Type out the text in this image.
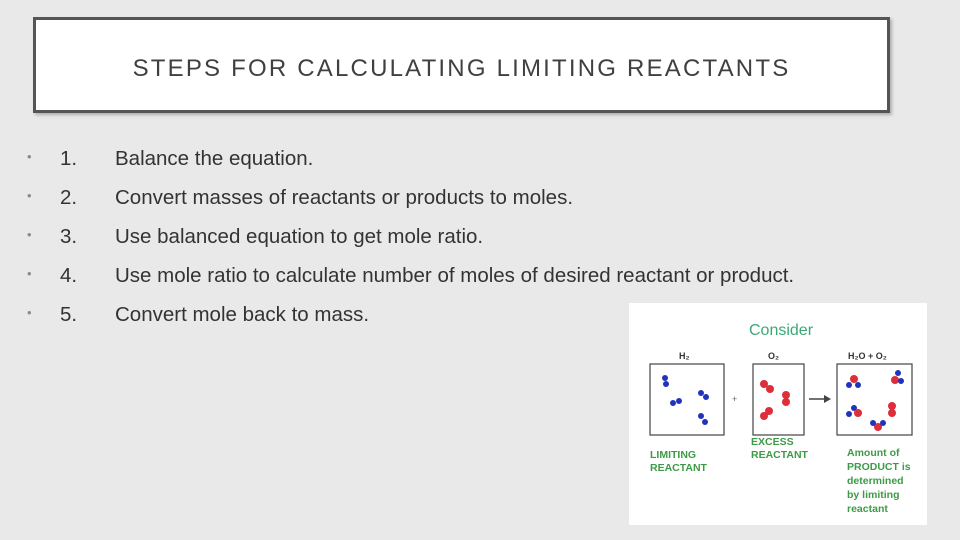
STEPS FOR CALCULATING LIMITING REACTANTS
• 1. Balance the equation.
• 2. Convert masses of reactants or products to moles.
• 3. Use balanced equation to get mole ratio.
• 4. Use mole ratio to calculate number of moles of desired reactant or product.
• 5. Convert mole back to mass.
Consider
H₂	O₂	H₂O + O₂
+
LIMITING REACTANT
EXCESS REACTANT	Amount of PRODUCT is determined by limiting reactant
